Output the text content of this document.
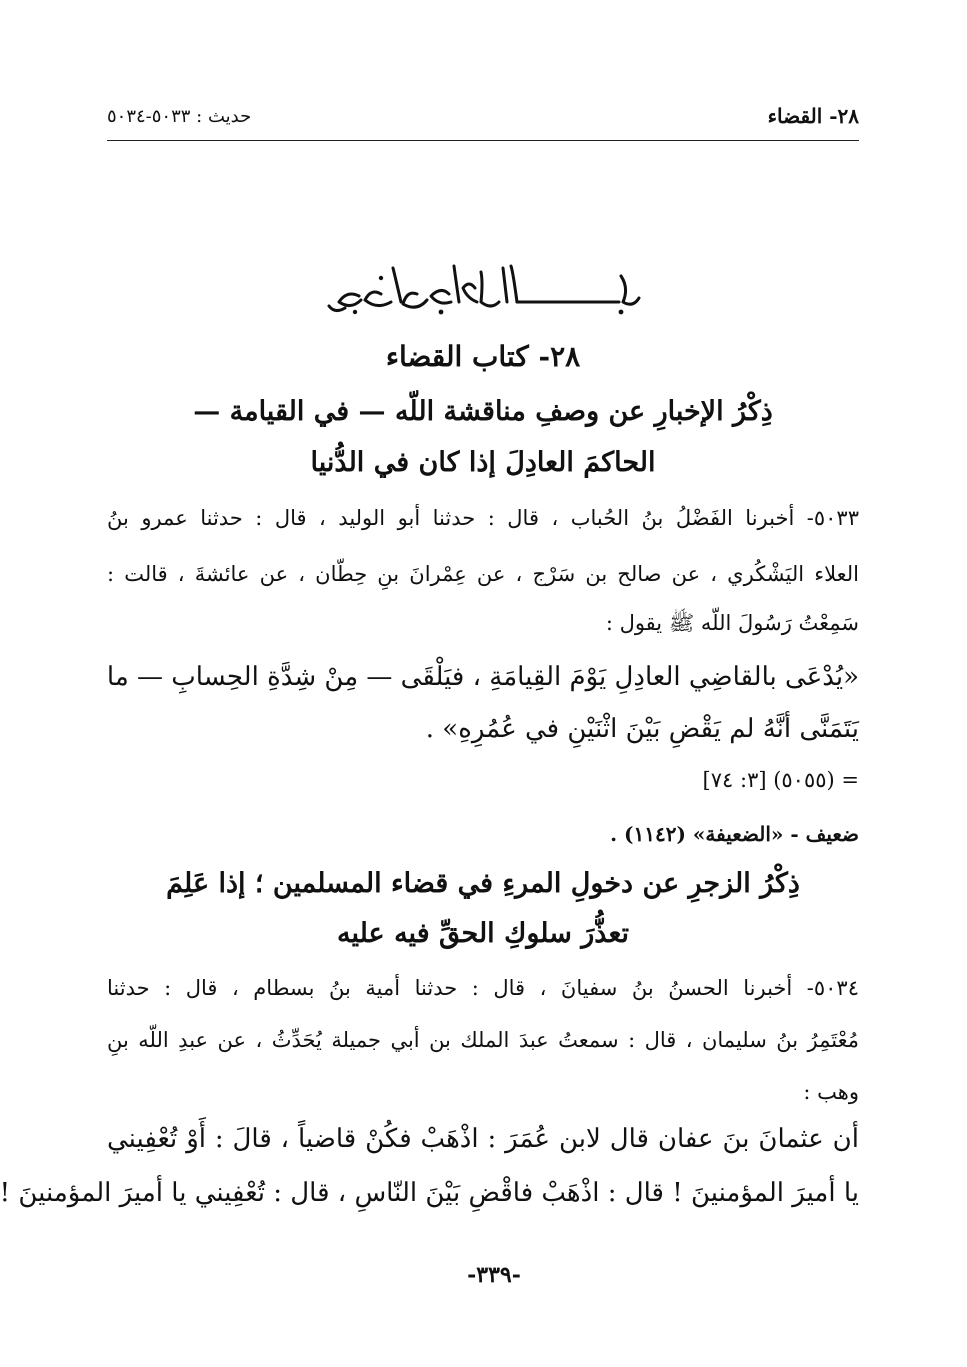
٢٨- القضاء
حديث : ٥٠٣٣-٥٠٣٤
٢٨- كتاب القضاء
ذِكْرُ الإخبارِ عن وصفِ مناقشة اللّه — في القيامة —
الحاكمَ العادِلَ إذا كان في الدُّنيا
٥٠٣٣- أخبرنا الفَضْلُ بنُ الحُباب ، قال : حدثنا أبو الوليد ، قال : حدثنا عمرو بنُ
العلاء اليَشْكُري ، عن صالح بن سَرْج ، عن عِمْرانَ بنِ حِطّان ، عن عائشةَ ، قالت :
سَمِعْتُ رَسُولَ اللّه ﷺ يقول :
«يُدْعَى بالقاضِي العادِلِ يَوْمَ القِيامَةِ ، فيَلْقَى — مِنْ شِدَّةِ الحِسابِ — ما
يَتَمَنَّى أنَّهُ لم يَقْضِ بَيْنَ اثْنَيْنِ في عُمُرِهِ» .
= (٥٠٥٥) [٣: ٧٤]
ضعيف - «الضعيفة» (١١٤٢) .
ذِكْرُ الزجرِ عن دخولِ المرءِ في قضاء المسلمين ؛ إذا عَلِمَ
تعذُّرَ سلوكِ الحقِّ فيه عليه
٥٠٣٤- أخبرنا الحسنُ بنُ سفيانَ ، قال : حدثنا أمية بنُ بسطام ، قال : حدثنا
مُعْتَمِرُ بنُ سليمان ، قال : سمعتُ عبدَ الملك بن أبي جميلة يُحَدِّثُ ، عن عبدِ اللّه بنِ
وهب :
أن عثمانَ بنَ عفان قال لابن عُمَرَ : اذْهَبْ فكُنْ قاضياً ، قالَ : أَوْ تُعْفِيني
يا أميرَ المؤمنينَ ! قال : اذْهَبْ فاقْضِ بَيْنَ النّاسِ ، قال : تُعْفِيني يا أميرَ المؤمنينَ !
-٣٣٩-
